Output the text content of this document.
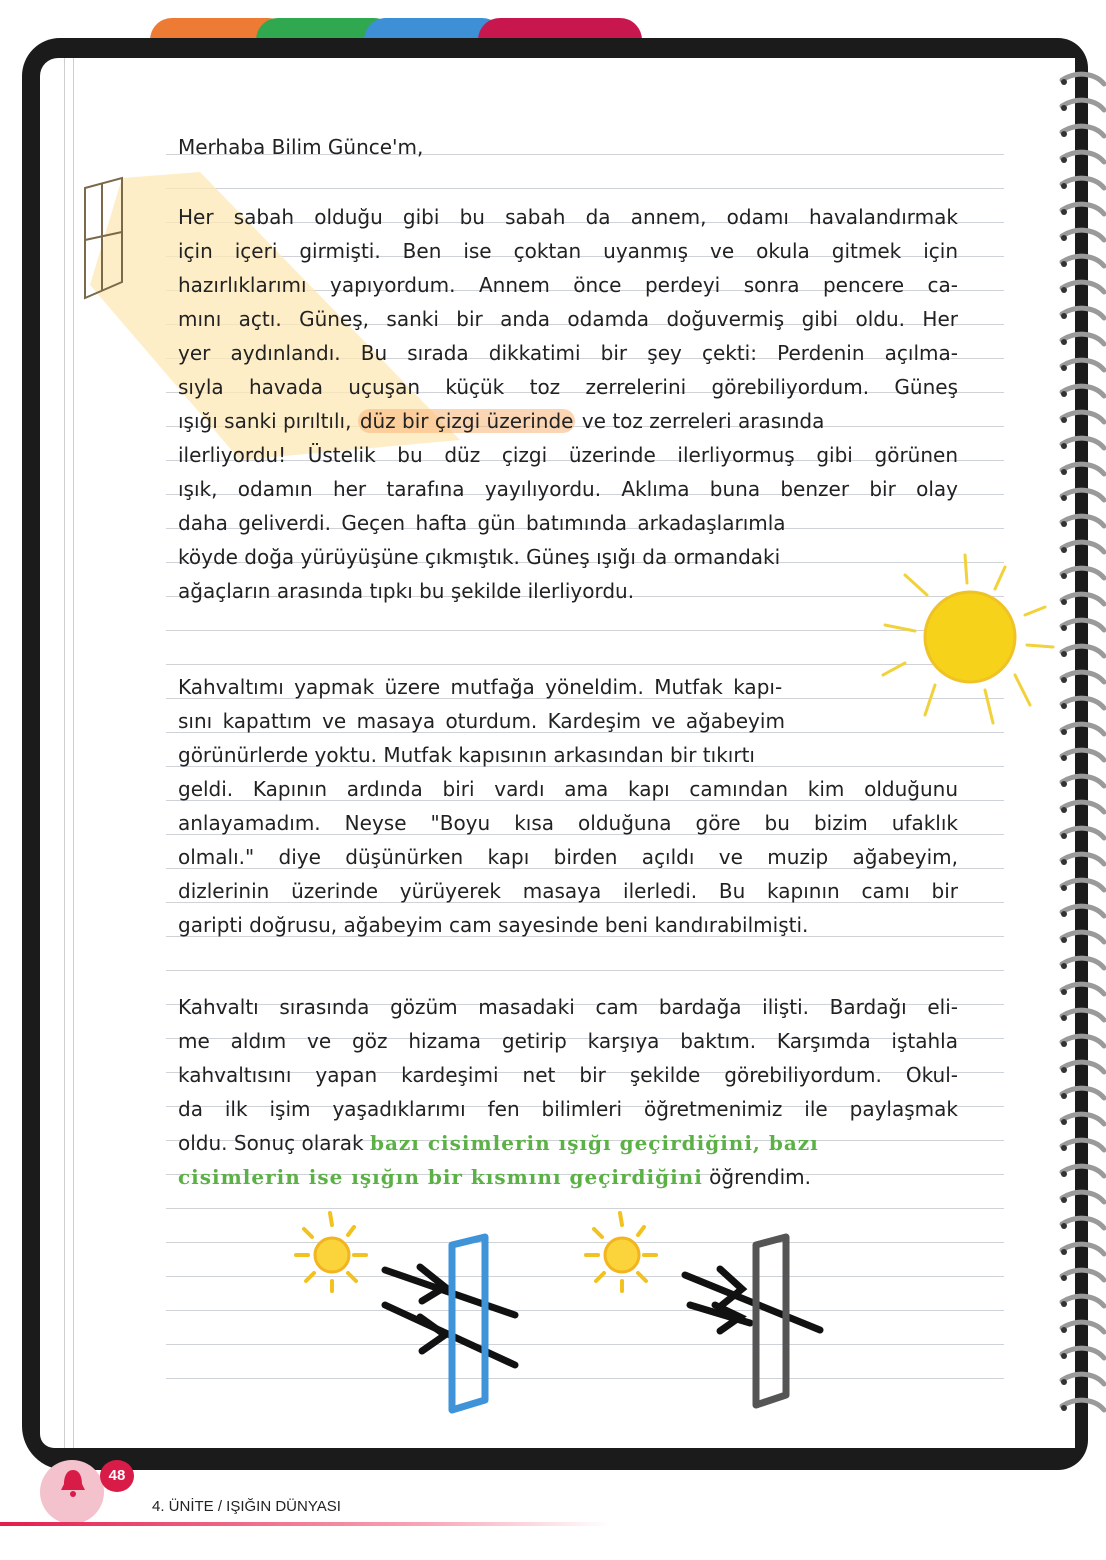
Merhaba Bilim Günce'm,
Her sabah olduğu gibi bu sabah da annem, odamı havalandırmak
için içeri girmişti. Ben ise çoktan uyanmış ve okula gitmek için
hazırlıklarımı yapıyordum. Annem önce perdeyi sonra pencere ca-
mını açtı. Güneş, sanki bir anda odamda doğuvermiş gibi oldu. Her
yer aydınlandı. Bu sırada dikkatimi bir şey çekti: Perdenin açılma-
sıyla havada uçuşan küçük toz zerrelerini görebiliyordum. Güneş
ışığı sanki pırıltılı, düz bir çizgi üzerinde ve toz zerreleri arasında
ilerliyordu! Üstelik bu düz çizgi üzerinde ilerliyormuş gibi görünen
ışık, odamın her tarafına yayılıyordu. Aklıma buna benzer bir olay
daha geliverdi. Geçen hafta gün batımında arkadaşlarımla
köyde doğa yürüyüşüne çıkmıştık. Güneş ışığı da ormandaki
ağaçların arasında tıpkı bu şekilde ilerliyordu.
Kahvaltımı yapmak üzere mutfağa yöneldim. Mutfak kapı-
sını kapattım ve masaya oturdum. Kardeşim ve ağabeyim
görünürlerde yoktu. Mutfak kapısının arkasından bir tıkırtı
geldi. Kapının ardında biri vardı ama kapı camından kim olduğunu
anlayamadım. Neyse "Boyu kısa olduğuna göre bu bizim ufaklık
olmalı." diye düşünürken kapı birden açıldı ve muzip ağabeyim,
dizlerinin üzerinde yürüyerek masaya ilerledi. Bu kapının camı bir
garipti doğrusu, ağabeyim cam sayesinde beni kandırabilmişti.
Kahvaltı sırasında gözüm masadaki cam bardağa ilişti. Bardağı eli-
me aldım ve göz hizama getirip karşıya baktım. Karşımda iştahla
kahvaltısını yapan kardeşimi net bir şekilde görebiliyordum. Okul-
da ilk işim yaşadıklarımı fen bilimleri öğretmenimiz ile paylaşmak
oldu. Sonuç olarak bazı cisimlerin ışığı geçirdiğini, bazı
cisimlerin ise ışığın bir kısmını geçirdiğini öğrendim.
48
4. ÜNİTE / IŞIĞIN DÜNYASI
